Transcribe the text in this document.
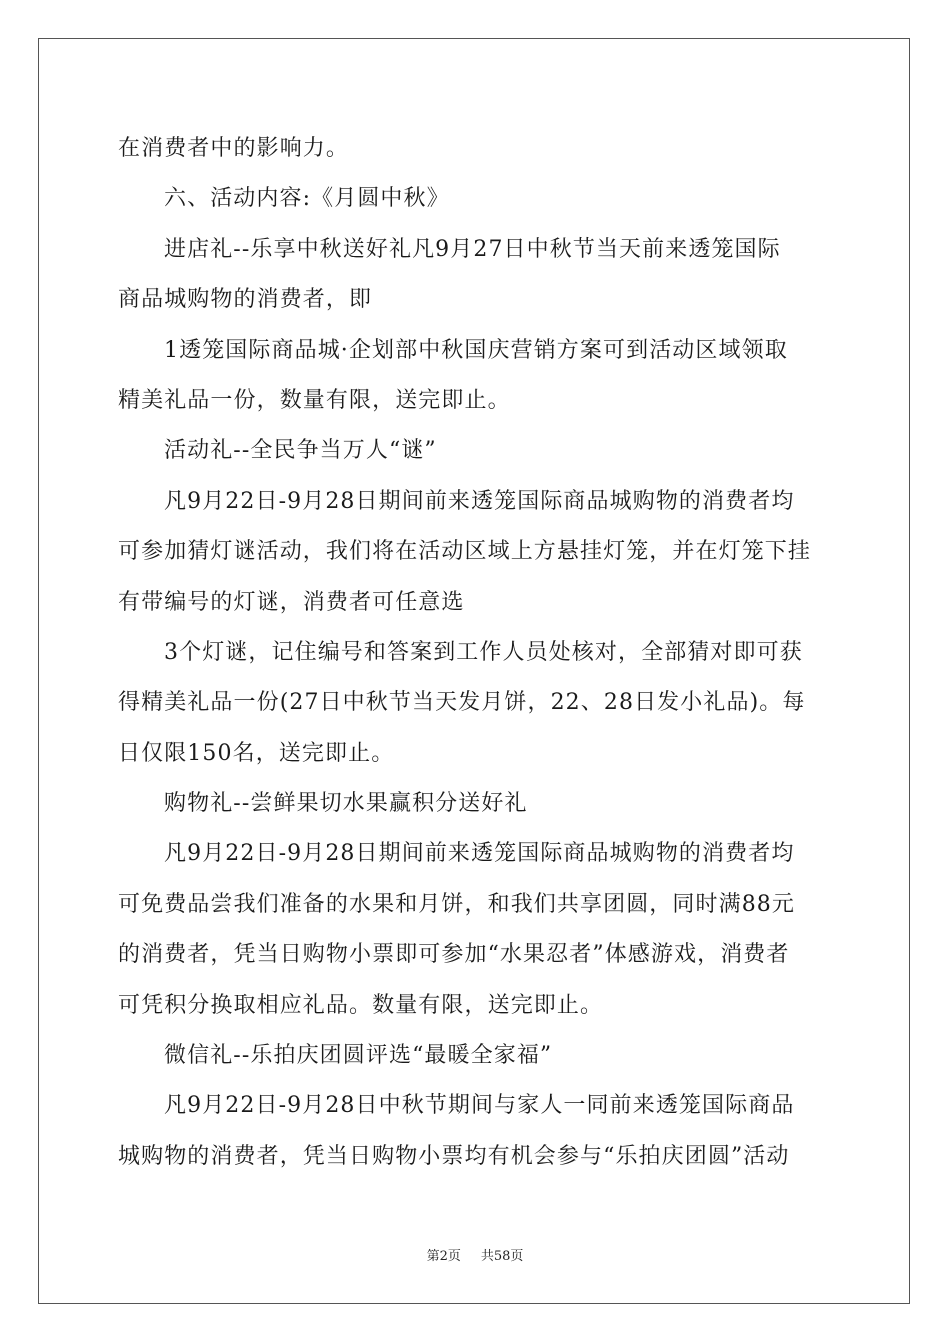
在消费者中的影响力。
六、活动内容:《月圆中秋》
进店礼--乐享中秋送好礼凡9月27日中秋节当天前来透笼国际
商品城购物的消费者，即
1透笼国际商品城·企划部中秋国庆营销方案可到活动区域领取
精美礼品一份，数量有限，送完即止。
活动礼--全民争当万人“谜”
凡9月22日-9月28日期间前来透笼国际商品城购物的消费者均
可参加猜灯谜活动，我们将在活动区域上方悬挂灯笼，并在灯笼下挂
有带编号的灯谜，消费者可任意选
3个灯谜，记住编号和答案到工作人员处核对，全部猜对即可获
得精美礼品一份(27日中秋节当天发月饼，22、28日发小礼品)。每
日仅限150名，送完即止。
购物礼--尝鲜果切水果赢积分送好礼
凡9月22日-9月28日期间前来透笼国际商品城购物的消费者均
可免费品尝我们准备的水果和月饼，和我们共享团圆，同时满88元
的消费者，凭当日购物小票即可参加“水果忍者”体感游戏，消费者
可凭积分换取相应礼品。数量有限，送完即止。
微信礼--乐拍庆团圆评选“最暖全家福”
凡9月22日-9月28日中秋节期间与家人一同前来透笼国际商品
城购物的消费者，凭当日购物小票均有机会参与“乐拍庆团圆”活动
第2页 共58页
